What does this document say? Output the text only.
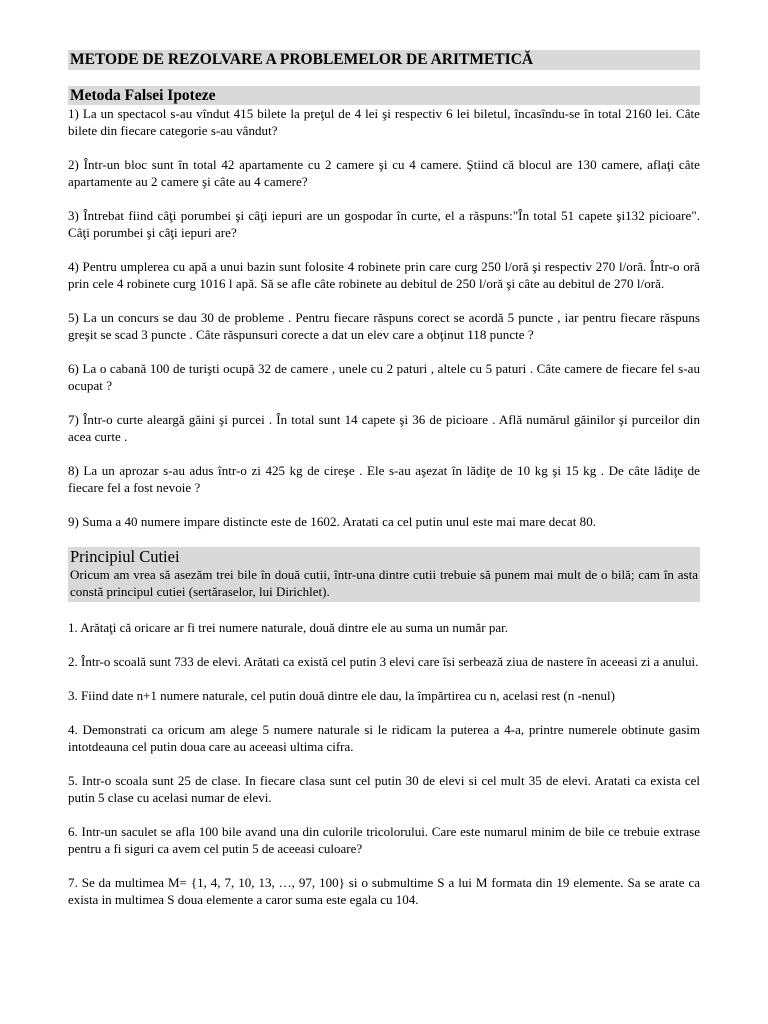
METODE DE REZOLVARE A PROBLEMELOR DE ARITMETICĂ
Metoda Falsei Ipoteze

1) La un spectacol s-au vîndut 415 bilete la preţul de 4 lei şi respectiv 6 lei biletul, încasîndu-se în total 2160 lei. Câte bilete din fiecare categorie s-au vândut?

2) Într-un bloc sunt în total 42 apartamente cu 2 camere şi cu 4 camere. Ştiind că blocul are 130 camere, aflaţi câte apartamente au 2 camere şi câte au 4 camere?

3) Întrebat fiind câţi porumbei şi câţi iepuri are un gospodar în curte, el a răspuns:"În total 51 capete şi132 picioare". Câţi porumbei şi câţi iepuri are?

4) Pentru umplerea cu apă a unui bazin sunt folosite 4 robinete prin care curg 250 l/oră şi respectiv 270 l/oră. Într-o oră prin cele 4 robinete curg 1016 l apă. Să se afle câte robinete au debitul de 250 l/oră şi câte au debitul de 270 l/oră.

5) La un concurs se dau 30 de probleme . Pentru fiecare răspuns corect se acordă 5 puncte , iar pentru fiecare răspuns greşit se scad 3 puncte . Câte răspunsuri corecte a dat un elev care a obţinut 118 puncte ?

6) La o cabană 100 de turişti ocupă 32 de camere , unele cu 2 paturi , altele cu 5 paturi . Câte camere de fiecare fel s-au ocupat ?

7) Într-o curte aleargă găini şi purcei . În total sunt 14 capete şi 36 de picioare . Află numărul găinilor şi purceilor din acea curte .

8) La un aprozar s-au adus într-o zi 425 kg de cireşe . Ele s-au aşezat în lădiţe de 10 kg şi 15 kg . De câte lădiţe de fiecare fel a fost nevoie ?

9) Suma a 40 numere impare distincte este de 1602. Aratati ca cel putin unul este mai mare decat 80.

Principiul Cutiei
Oricum am vrea să asezăm trei bile în două cutii, într-una dintre cutii trebuie să punem mai mult de o bilă; cam în asta constă principul cutiei (sertăraselor, lui Dirichlet).

1. Arătaţi că oricare ar fi trei numere naturale, două dintre ele au suma un număr par.

2. Într-o scoală sunt 733 de elevi. Arătati ca există cel putin 3 elevi care îsi serbează ziua de nastere în aceeasi zi a anului.

3. Fiind date n+1 numere naturale, cel putin două dintre ele dau, la împărtirea cu n, acelasi rest (n -nenul)

4. Demonstrati ca oricum am alege 5 numere naturale si le ridicam la puterea a 4-a, printre numerele obtinute gasim intotdeauna cel putin doua care au aceeasi ultima cifra.

5. Intr-o scoala sunt 25 de clase. In fiecare clasa sunt cel putin 30 de elevi si cel mult 35 de elevi. Aratati ca exista cel putin 5 clase cu acelasi numar de elevi.

6. Intr-un saculet se afla 100 bile avand una din culorile tricolorului. Care este numarul minim de bile ce trebuie extrase pentru a fi siguri ca avem cel putin 5 de aceeasi culoare?

7. Se da multimea M= {1, 4, 7, 10, 13, …, 97, 100} si o submultime S a lui M formata din 19 elemente. Sa se arate ca exista in multimea S doua elemente a caror suma este egala cu 104.
